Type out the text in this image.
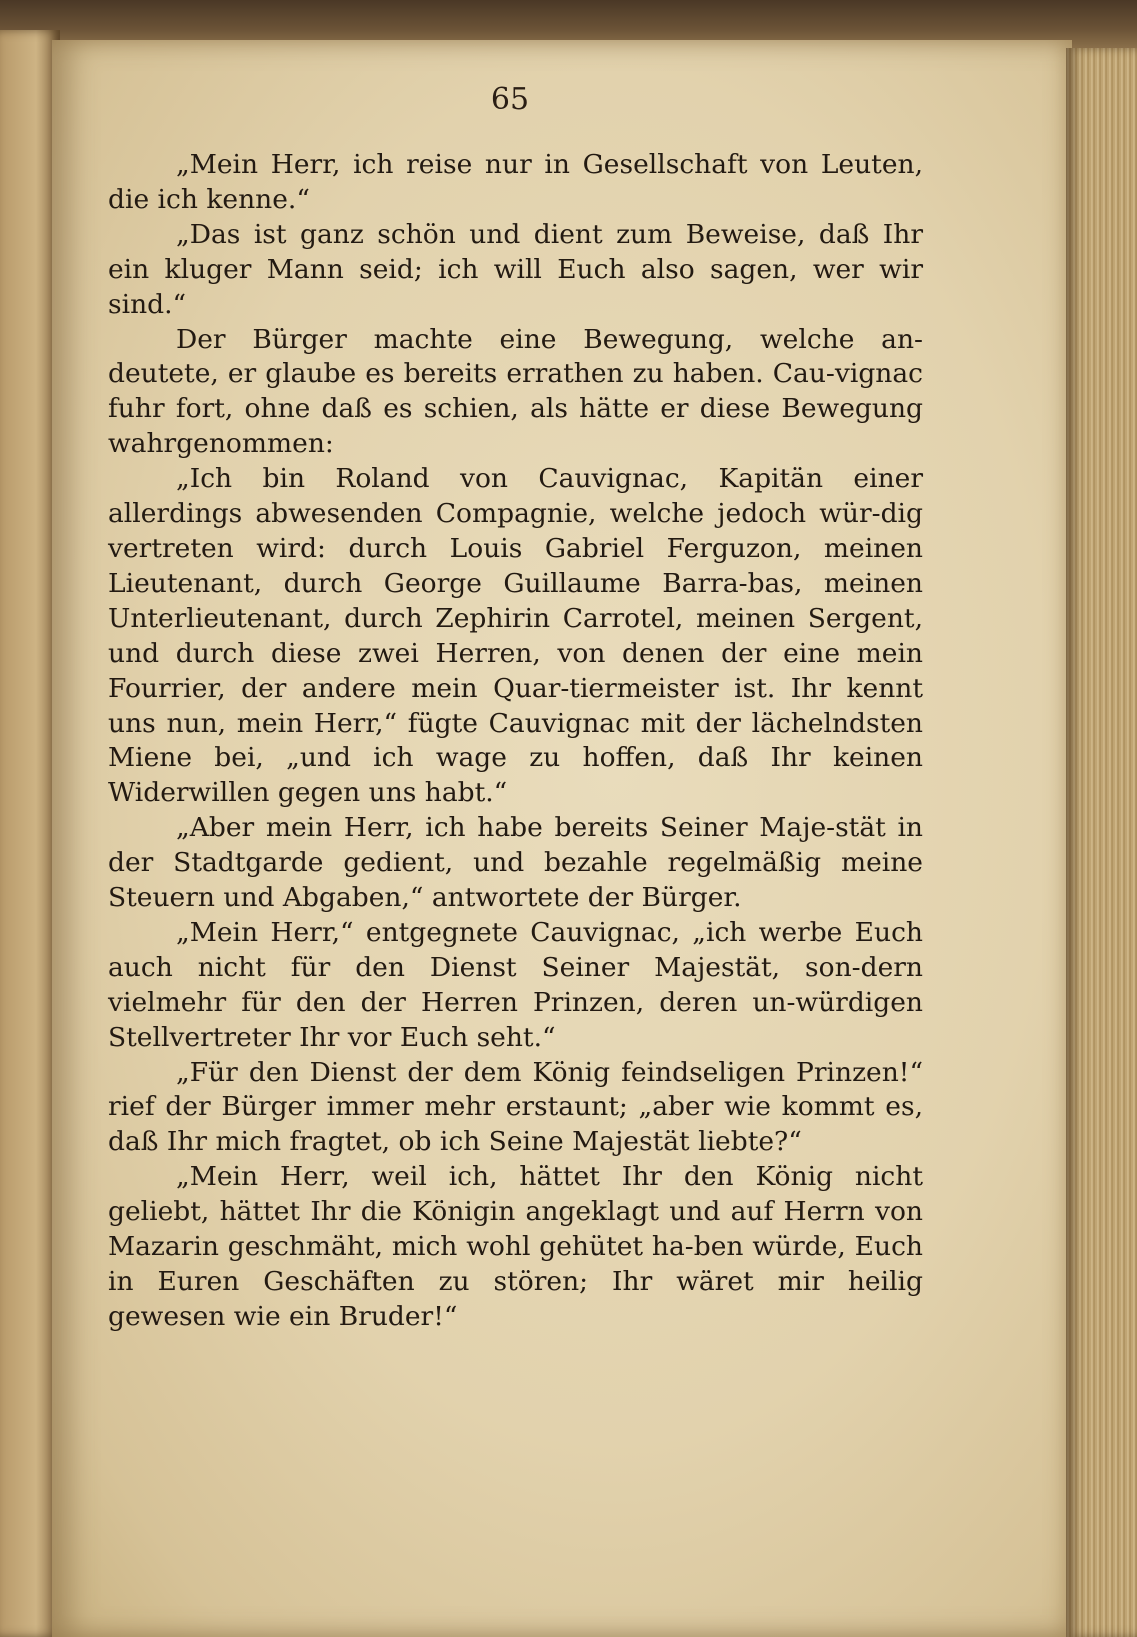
65

„Mein Herr, ich reise nur in Gesellschaft von Leuten, die ich kenne.“

„Das ist ganz schön und dient zum Beweise, daß Ihr ein kluger Mann seid; ich will Euch also sagen, wer wir sind.“

Der Bürger machte eine Bewegung, welche an-deutete, er glaube es bereits errathen zu haben. Cau-vignac fuhr fort, ohne daß es schien, als hätte er diese Bewegung wahrgenommen:

„Ich bin Roland von Cauvignac, Kapitän einer allerdings abwesenden Compagnie, welche jedoch wür-dig vertreten wird: durch Louis Gabriel Ferguzon, meinen Lieutenant, durch George Guillaume Barra-bas, meinen Unterlieutenant, durch Zephirin Carrotel, meinen Sergent, und durch diese zwei Herren, von denen der eine mein Fourrier, der andere mein Quar-tiermeister ist. Ihr kennt uns nun, mein Herr,“ fügte Cauvignac mit der lächelndsten Miene bei, „und ich wage zu hoffen, daß Ihr keinen Widerwillen gegen uns habt.“

„Aber mein Herr, ich habe bereits Seiner Maje-stät in der Stadtgarde gedient, und bezahle regelmäßig meine Steuern und Abgaben,“ antwortete der Bürger.

„Mein Herr,“ entgegnete Cauvignac, „ich werbe Euch auch nicht für den Dienst Seiner Majestät, son-dern vielmehr für den der Herren Prinzen, deren un-würdigen Stellvertreter Ihr vor Euch seht.“

„Für den Dienst der dem König feindseligen Prinzen!“ rief der Bürger immer mehr erstaunt; „aber wie kommt es, daß Ihr mich fragtet, ob ich Seine Majestät liebte?“

„Mein Herr, weil ich, hättet Ihr den König nicht geliebt, hättet Ihr die Königin angeklagt und auf Herrn von Mazarin geschmäht, mich wohl gehütet ha-ben würde, Euch in Euren Geschäften zu stören; Ihr wäret mir heilig gewesen wie ein Bruder!“
